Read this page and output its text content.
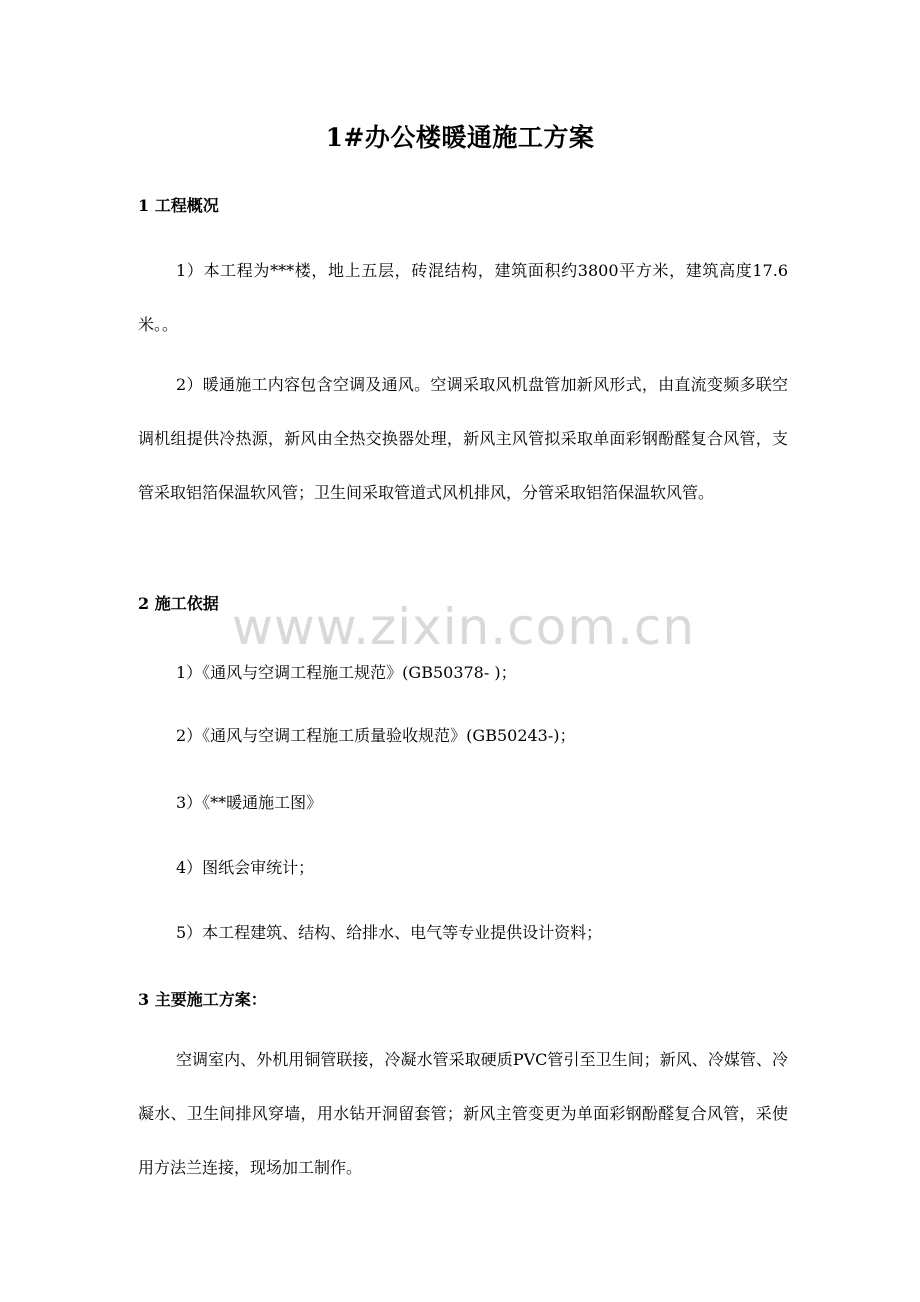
1#办公楼暖通施工方案
1 工程概况

1）本工程为***楼，地上五层，砖混结构，建筑面积约3800平方米，建筑高度17.6米。。

2）暖通施工内容包含空调及通风。空调采取风机盘管加新风形式，由直流变频多联空调机组提供冷热源，新风由全热交换器处理，新风主风管拟采取单面彩钢酚醛复合风管，支管采取铝箔保温软风管；卫生间采取管道式风机排风，分管采取铝箔保温软风管。

2 施工依据 www.zixin.com.cn

1）《通风与空调工程施工规范》(GB50378- )；

2）《通风与空调工程施工质量验收规范》(GB50243-)；

3）《**暖通施工图》

4）图纸会审统计；

5）本工程建筑、结构、给排水、电气等专业提供设计资料；

3 主要施工方案：

空调室内、外机用铜管联接，冷凝水管采取硬质PVC管引至卫生间；新风、冷媒管、冷凝水、卫生间排风穿墙，用水钻开洞留套管；新风主管变更为单面彩钢酚醛复合风管，采使用方法兰连接，现场加工制作。
